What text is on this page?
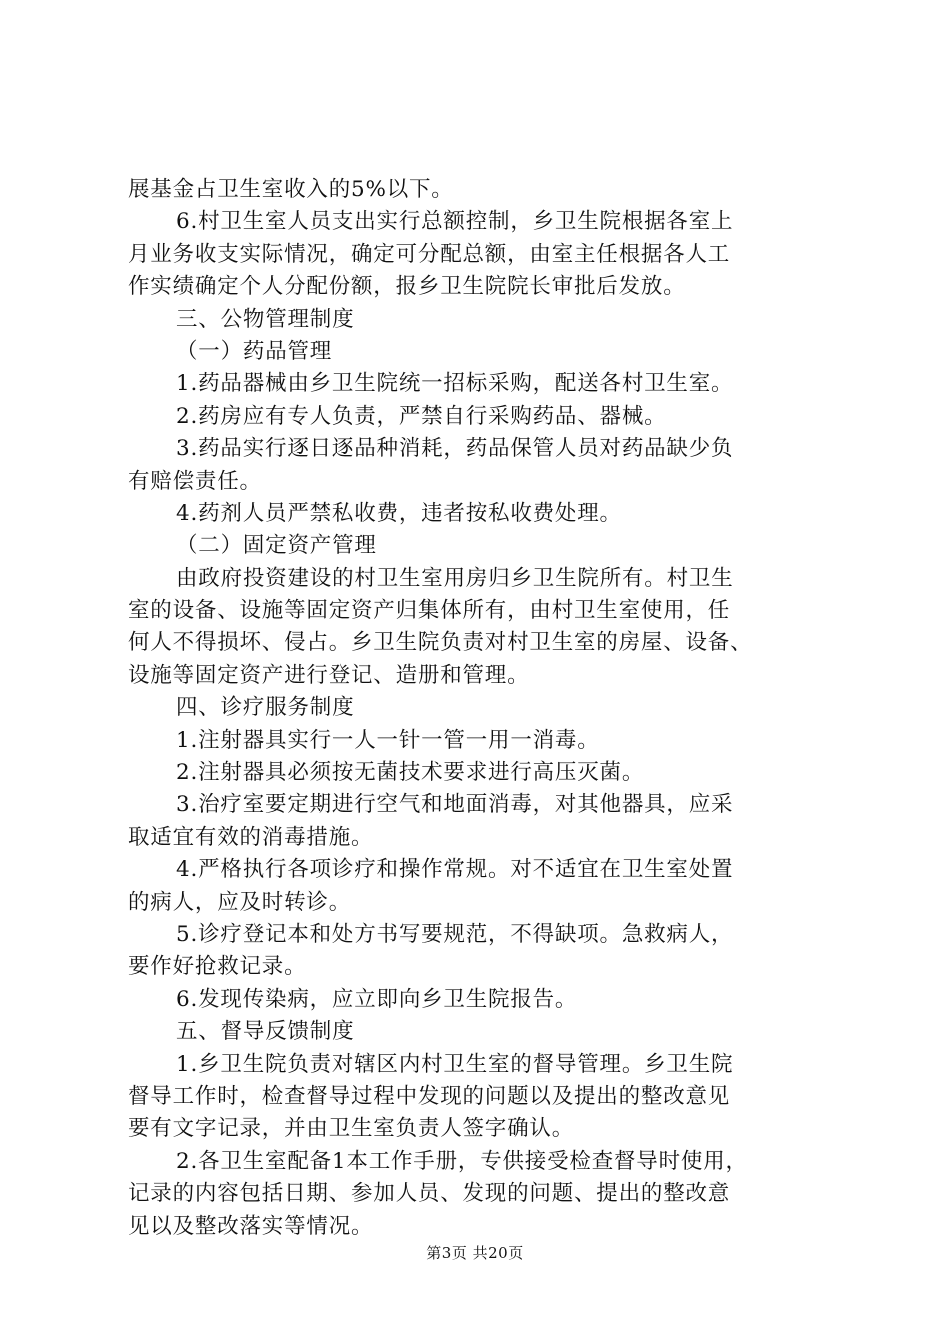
展基金占卫生室收入的5%以下。
6.村卫生室人员支出实行总额控制，乡卫生院根据各室上
月业务收支实际情况，确定可分配总额，由室主任根据各人工
作实绩确定个人分配份额，报乡卫生院院长审批后发放。
三、公物管理制度
（一）药品管理
1.药品器械由乡卫生院统一招标采购，配送各村卫生室。
2.药房应有专人负责，严禁自行采购药品、器械。
3.药品实行逐日逐品种消耗，药品保管人员对药品缺少负
有赔偿责任。
4.药剂人员严禁私收费，违者按私收费处理。
（二）固定资产管理
由政府投资建设的村卫生室用房归乡卫生院所有。村卫生
室的设备、设施等固定资产归集体所有，由村卫生室使用，任
何人不得损坏、侵占。乡卫生院负责对村卫生室的房屋、设备、
设施等固定资产进行登记、造册和管理。
四、诊疗服务制度
1.注射器具实行一人一针一管一用一消毒。
2.注射器具必须按无菌技术要求进行高压灭菌。
3.治疗室要定期进行空气和地面消毒，对其他器具，应采
取适宜有效的消毒措施。
4.严格执行各项诊疗和操作常规。对不适宜在卫生室处置
的病人，应及时转诊。
5.诊疗登记本和处方书写要规范，不得缺项。急救病人，
要作好抢救记录。
6.发现传染病，应立即向乡卫生院报告。
五、督导反馈制度
1.乡卫生院负责对辖区内村卫生室的督导管理。乡卫生院
督导工作时，检查督导过程中发现的问题以及提出的整改意见
要有文字记录，并由卫生室负责人签字确认。
2.各卫生室配备1本工作手册，专供接受检查督导时使用，
记录的内容包括日期、参加人员、发现的问题、提出的整改意
见以及整改落实等情况。
第3页 共20页
